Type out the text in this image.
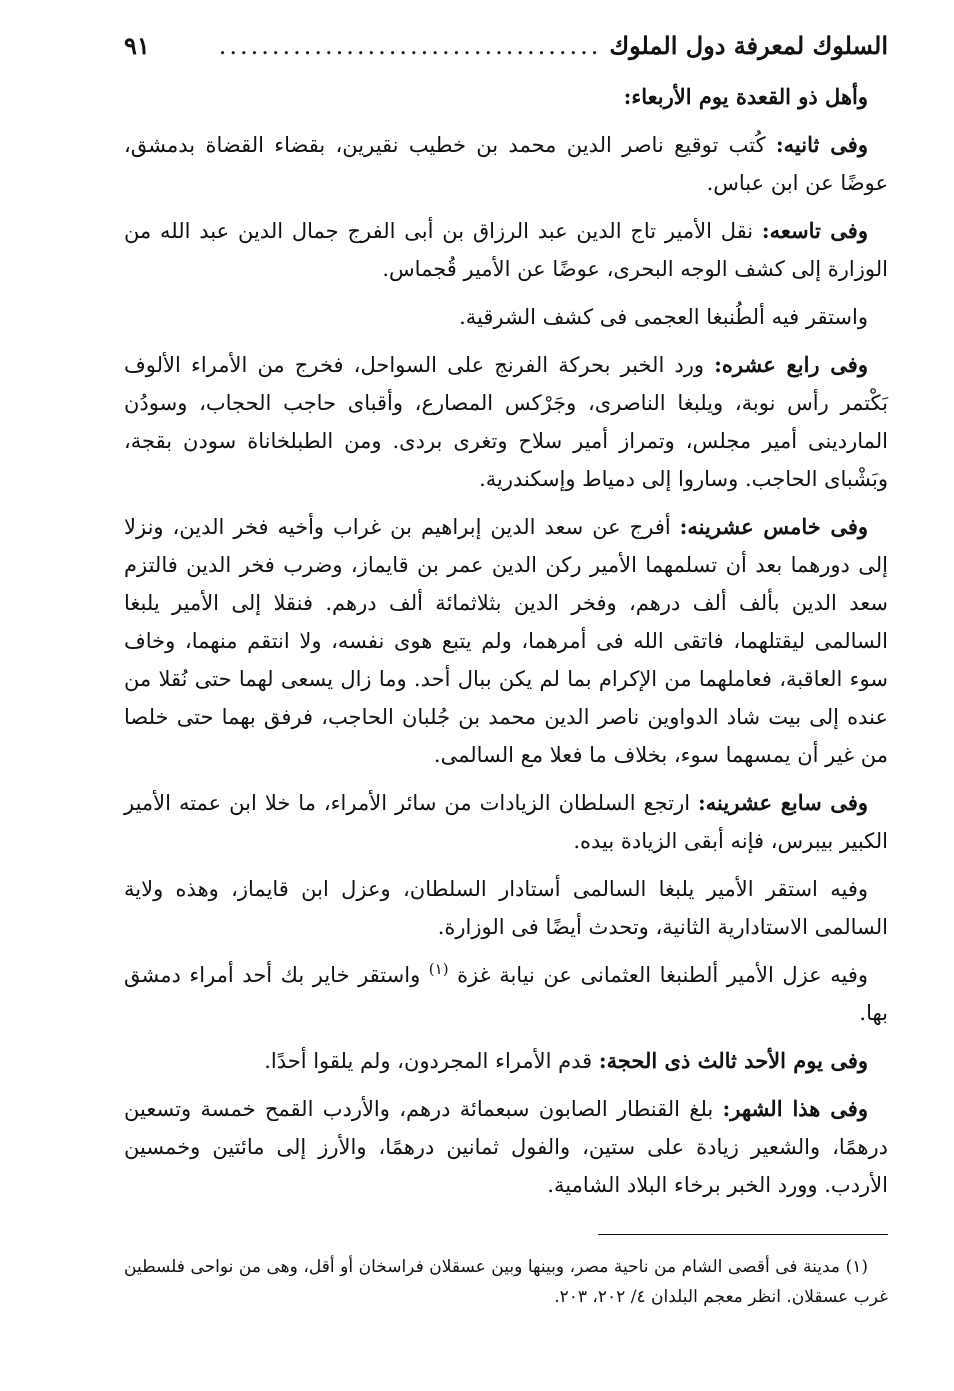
السلوك لمعرفة دول الملوك
....................................
٩١

وأهل ذو القعدة يوم الأربعاء:

وفى ثانيه: كُتب توقيع ناصر الدين محمد بن خطيب نقيرين، بقضاء القضاة بدمشق، عوضًا عن ابن عباس.

وفى تاسعه: نقل الأمير تاج الدين عبد الرزاق بن أبى الفرج جمال الدين عبد الله من الوزارة إلى كشف الوجه البحرى، عوضًا عن الأمير قُجماس.

واستقر فيه ألطُنبغا العجمى فى كشف الشرقية.

وفى رابع عشره: ورد الخبر بحركة الفرنج على السواحل، فخرج من الأمراء الألوف بَكْتمر رأس نوبة، ويلبغا الناصرى، وجَرْكس المصارع، وأقباى حاجب الحجاب، وسودُن الماردينى أمير مجلس، وتمراز أمير سلاح وتغرى بردى. ومن الطبلخاناة سودن بقجة، وبَشْباى الحاجب. وساروا إلى دمياط وإسكندرية.

وفى خامس عشرينه: أفرج عن سعد الدين إبراهيم بن غراب وأخيه فخر الدين، ونزلا إلى دورهما بعد أن تسلمهما الأمير ركن الدين عمر بن قايماز، وضرب فخر الدين فالتزم سعد الدين بألف ألف درهم، وفخر الدين بثلاثمائة ألف درهم. فنقلا إلى الأمير يلبغا السالمى ليقتلهما، فاتقى الله فى أمرهما، ولم يتبع هوى نفسه، ولا انتقم منهما، وخاف سوء العاقبة، فعاملهما من الإكرام بما لم يكن ببال أحد. وما زال يسعى لهما حتى نُقلا من عنده إلى بيت شاد الدواوين ناصر الدين محمد بن جُلبان الحاجب، فرفق بهما حتى خلصا من غير أن يمسهما سوء، بخلاف ما فعلا مع السالمى.

وفى سابع عشرينه: ارتجع السلطان الزيادات من سائر الأمراء، ما خلا ابن عمته الأمير الكبير بيبرس، فإنه أبقى الزيادة بيده.

وفيه استقر الأمير يلبغا السالمى أستادار السلطان، وعزل ابن قايماز، وهذه ولاية السالمى الاستادارية الثانية، وتحدث أيضًا فى الوزارة.

وفيه عزل الأمير ألطنبغا العثمانى عن نيابة غزة $^{(١)}$ واستقر خاير بك أحد أمراء دمشق بها.

وفى يوم الأحد ثالث ذى الحجة: قدم الأمراء المجردون، ولم يلقوا أحدًا.

وفى هذا الشهر: بلغ القنطار الصابون سبعمائة درهم، والأردب القمح خمسة وتسعين درهمًا، والشعير زيادة على ستين، والفول ثمانين درهمًا، والأرز إلى مائتين وخمسين الأردب. وورد الخبر برخاء البلاد الشامية.

(١) مدينة فى أقصى الشام من ناحية مصر، وبينها وبين عسقلان فراسخان أو أقل، وهى من نواحى فلسطين غرب عسقلان. انظر معجم البلدان ٤/ ٢٠٢، ٢٠٣.
